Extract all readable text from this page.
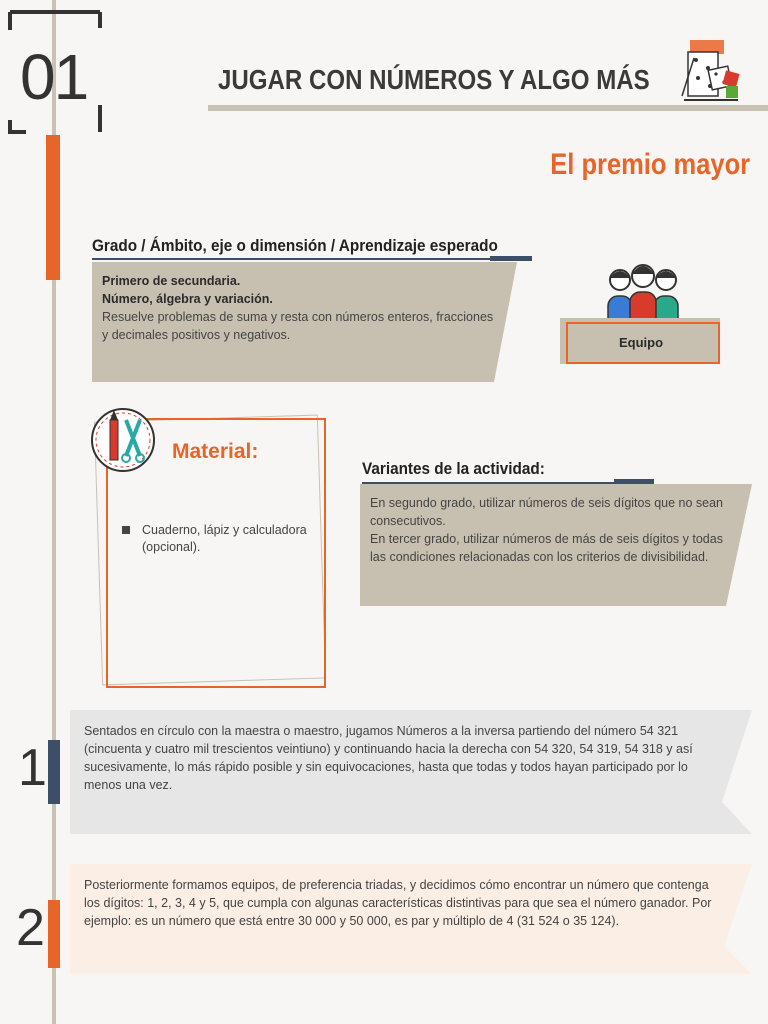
01	JUGAR CON NÚMEROS Y ALGO MÁS
El premio mayor
Grado / Ámbito, eje o dimensión / Aprendizaje esperado
Primero de secundaria.
Número, álgebra y variación.
Resuelve problemas de suma y resta con números enteros, fracciones y decimales positivos y negativos.	Equipo
Material:
Cuaderno, lápiz y calculadora (opcional).
Variantes de la actividad:
En segundo grado, utilizar números de seis dígitos que no sean consecutivos.
En tercer grado, utilizar números de más de seis dígitos y todas las condiciones relacionadas con los criterios de divisibilidad.
Sentados en círculo con la maestra o maestro, jugamos Números a la inversa partiendo del número 54 321 (cincuenta y cuatro mil trescientos veintiuno) y continuando hacia la derecha con 54 320, 54 319, 54 318 y así sucesivamente, lo más rápido posible y sin equivocaciones, hasta que todas y todos hayan participado por lo menos una vez.
1
Posteriormente formamos equipos, de preferencia triadas, y decidimos cómo encontrar un número que contenga los dígitos: 1, 2, 3, 4 y 5, que cumpla con algunas características distintivas para que sea el número ganador. Por ejemplo: es un número que está entre 30 000 y 50 000, es par y múltiplo de 4 (31 524 o 35 124).
2
